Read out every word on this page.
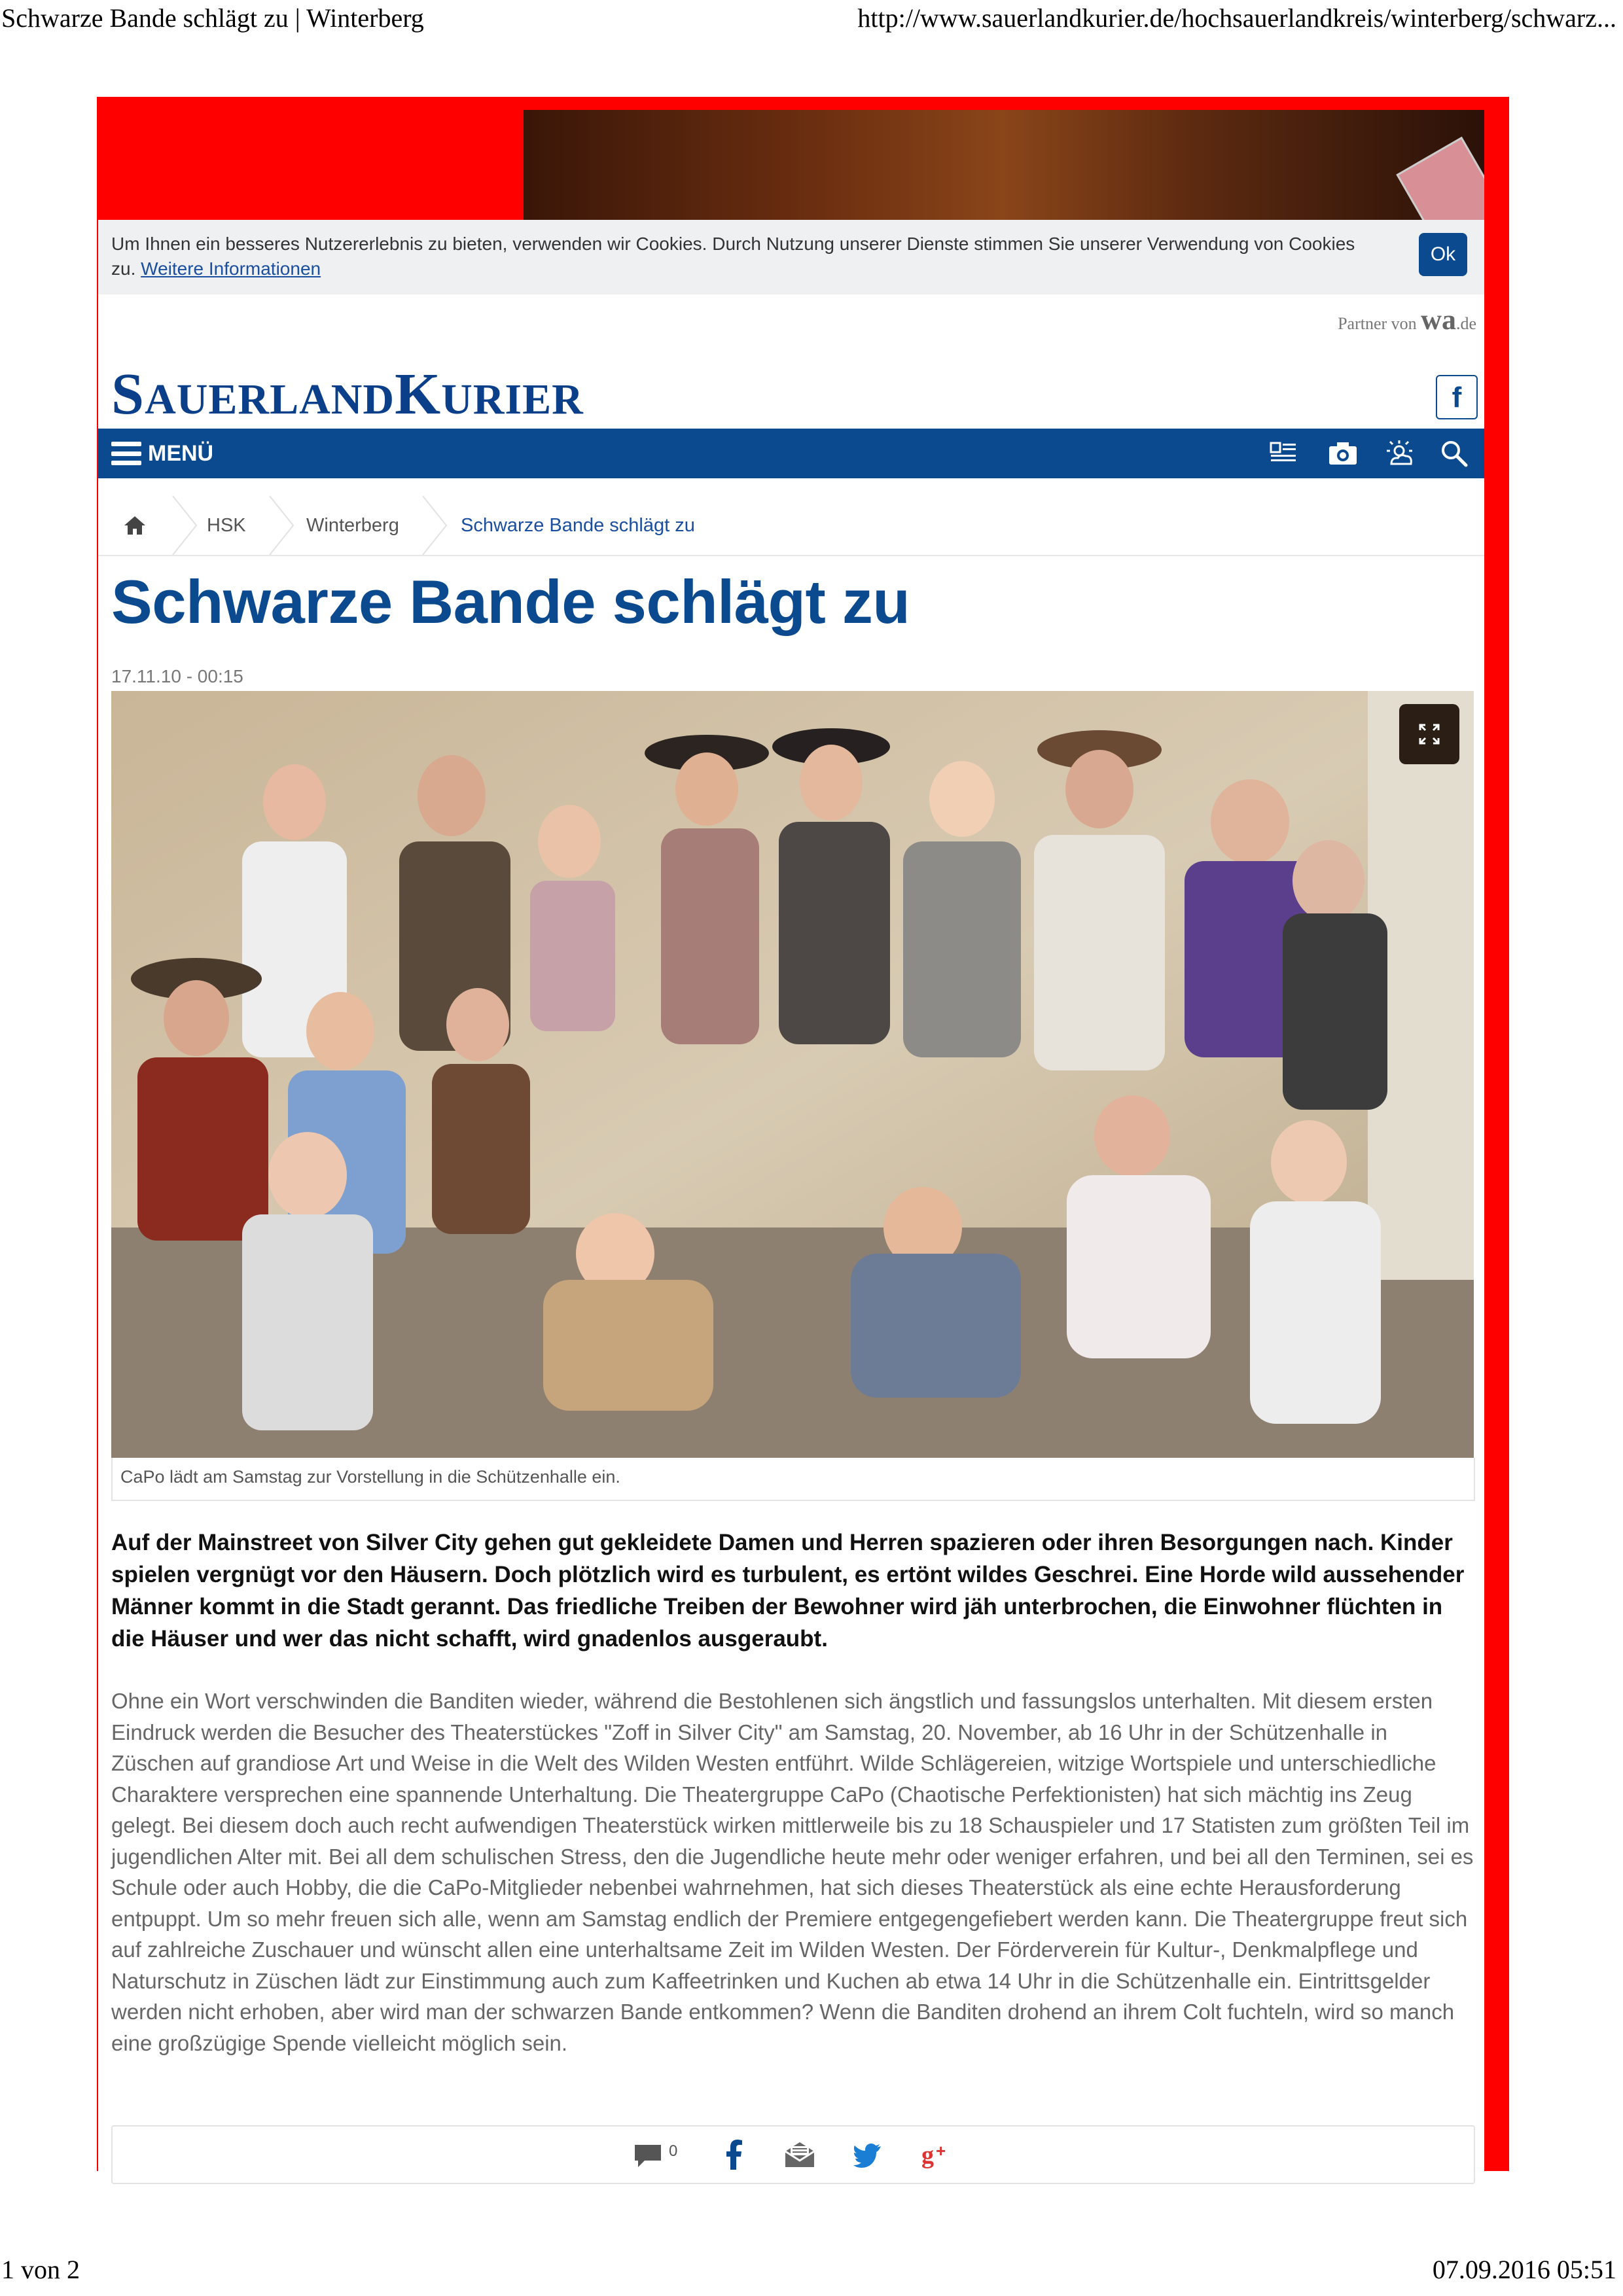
Schwarze Bande schlägt zu | Winterberg	http://www.sauerlandkurier.de/hochsauerlandkreis/winterberg/schwarz...
Um Ihnen ein besseres Nutzererlebnis zu bieten, verwenden wir Cookies. Durch Nutzung unserer Dienste stimmen Sie unserer Verwendung von Cookies zu. Weitere Informationen
Ok
Partner von wa.de
SAUERLANDKURIER	f
MENÜ
HSK	Winterberg	Schwarze Bande schlägt zu
Schwarze Bande schlägt zu
17.11.10 - 00:15
CaPo lädt am Samstag zur Vorstellung in die Schützenhalle ein.

Auf der Mainstreet von Silver City gehen gut gekleidete Damen und Herren spazieren oder ihren Besorgungen nach. Kinder spielen vergnügt vor den Häusern. Doch plötzlich wird es turbulent, es ertönt wildes Geschrei. Eine Horde wild aussehender Männer kommt in die Stadt gerannt. Das friedliche Treiben der Bewohner wird jäh unterbrochen, die Einwohner flüchten in die Häuser und wer das nicht schafft, wird gnadenlos ausgeraubt.

Ohne ein Wort verschwinden die Banditen wieder, während die Bestohlenen sich ängstlich und fassungslos unterhalten. Mit diesem ersten Eindruck werden die Besucher des Theaterstückes "Zoff in Silver City" am Samstag, 20. November, ab 16 Uhr in der Schützenhalle in Züschen auf grandiose Art und Weise in die Welt des Wilden Westen entführt. Wilde Schlägereien, witzige Wortspiele und unterschiedliche Charaktere versprechen eine spannende Unterhaltung. Die Theatergruppe CaPo (Chaotische Perfektionisten) hat sich mächtig ins Zeug gelegt. Bei diesem doch auch recht aufwendigen Theaterstück wirken mittlerweile bis zu 18 Schauspieler und 17 Statisten zum größten Teil im jugendlichen Alter mit. Bei all dem schulischen Stress, den die Jugendliche heute mehr oder weniger erfahren, und bei all den Terminen, sei es Schule oder auch Hobby, die die CaPo-Mitglieder nebenbei wahrnehmen, hat sich dieses Theaterstück als eine echte Herausforderung entpuppt. Um so mehr freuen sich alle, wenn am Samstag endlich der Premiere entgegengefiebert werden kann. Die Theatergruppe freut sich auf zahlreiche Zuschauer und wünscht allen eine unterhaltsame Zeit im Wilden Westen. Der Förderverein für Kultur-, Denkmalpflege und Naturschutz in Züschen lädt zur Einstimmung auch zum Kaffeetrinken und Kuchen ab etwa 14 Uhr in die Schützenhalle ein. Eintrittsgelder werden nicht erhoben, aber wird man der schwarzen Bande entkommen? Wenn die Banditen drohend an ihrem Colt fuchteln, wird so manch eine großzügige Spende vielleicht möglich sein.

0	g +
1 von 2	07.09.2016 05:51
